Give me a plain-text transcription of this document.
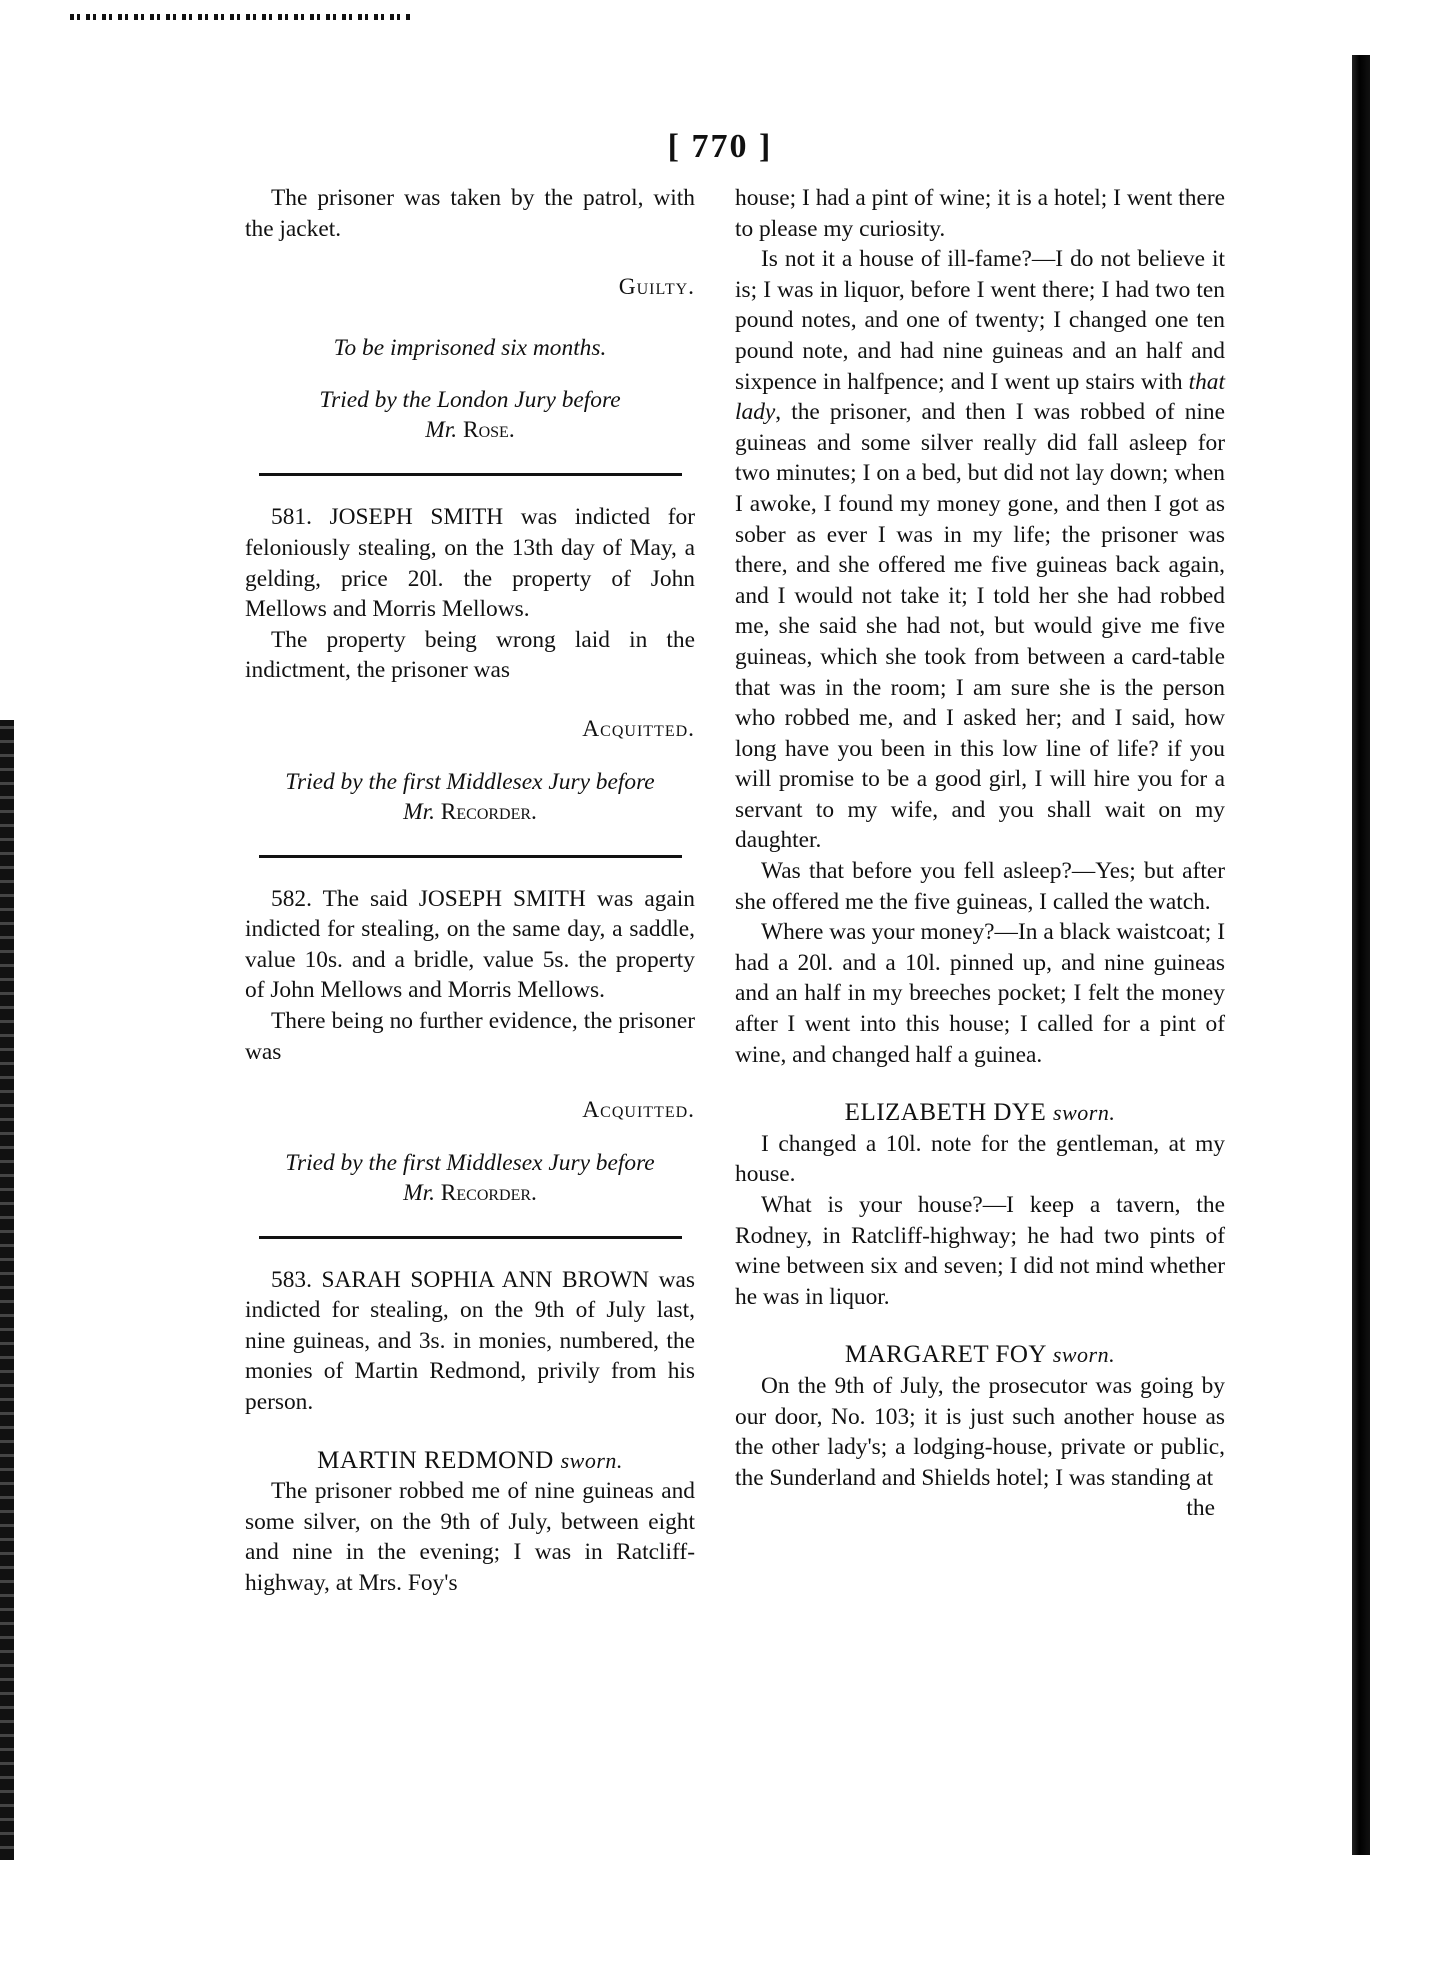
[ 770 ]

The prisoner was taken by the patrol, with the jacket.

Guilty.

To be imprisoned six months.

Tried by the London Jury before
Mr. Rose.

581. JOSEPH SMITH was indicted for feloniously stealing, on the 13th day of May, a gelding, price 20l. the property of John Mellows and Morris Mellows.

The property being wrong laid in the indictment, the prisoner was

Acquitted.

Tried by the first Middlesex Jury before
Mr. Recorder.

582. The said JOSEPH SMITH was again indicted for stealing, on the same day, a saddle, value 10s. and a bridle, value 5s. the property of John Mellows and Morris Mellows.

There being no further evidence, the prisoner was

Acquitted.

Tried by the first Middlesex Jury before
Mr. Recorder.

583. SARAH SOPHIA ANN BROWN was indicted for stealing, on the 9th of July last, nine guineas, and 3s. in monies, numbered, the monies of Martin Redmond, privily from his person.

MARTIN REDMOND sworn.

The prisoner robbed me of nine guineas and some silver, on the 9th of July, between eight and nine in the evening; I was in Ratcliff-highway, at Mrs. Foy's

house; I had a pint of wine; it is a hotel; I went there to please my curiosity.

Is not it a house of ill-fame?—I do not believe it is; I was in liquor, before I went there; I had two ten pound notes, and one of twenty; I changed one ten pound note, and had nine guineas and an half and sixpence in halfpence; and I went up stairs with that lady, the prisoner, and then I was robbed of nine guineas and some silver really did fall asleep for two minutes; I on a bed, but did not lay down; when I awoke, I found my money gone, and then I got as sober as ever I was in my life; the prisoner was there, and she offered me five guineas back again, and I would not take it; I told her she had robbed me, she said she had not, but would give me five guineas, which she took from between a card-table that was in the room; I am sure she is the person who robbed me, and I asked her; and I said, how long have you been in this low line of life? if you will promise to be a good girl, I will hire you for a servant to my wife, and you shall wait on my daughter.

Was that before you fell asleep?—Yes; but after she offered me the five guineas, I called the watch.

Where was your money?—In a black waistcoat; I had a 20l. and a 10l. pinned up, and nine guineas and an half in my breeches pocket; I felt the money after I went into this house; I called for a pint of wine, and changed half a guinea.

ELIZABETH DYE sworn.

I changed a 10l. note for the gentleman, at my house.

What is your house?—I keep a tavern, the Rodney, in Ratcliff-highway; he had two pints of wine between six and seven; I did not mind whether he was in liquor.

MARGARET FOY sworn.

On the 9th of July, the prosecutor was going by our door, No. 103; it is just such another house as the other lady's; a lodging-house, private or public, the Sunderland and Shields hotel; I was standing at

the
